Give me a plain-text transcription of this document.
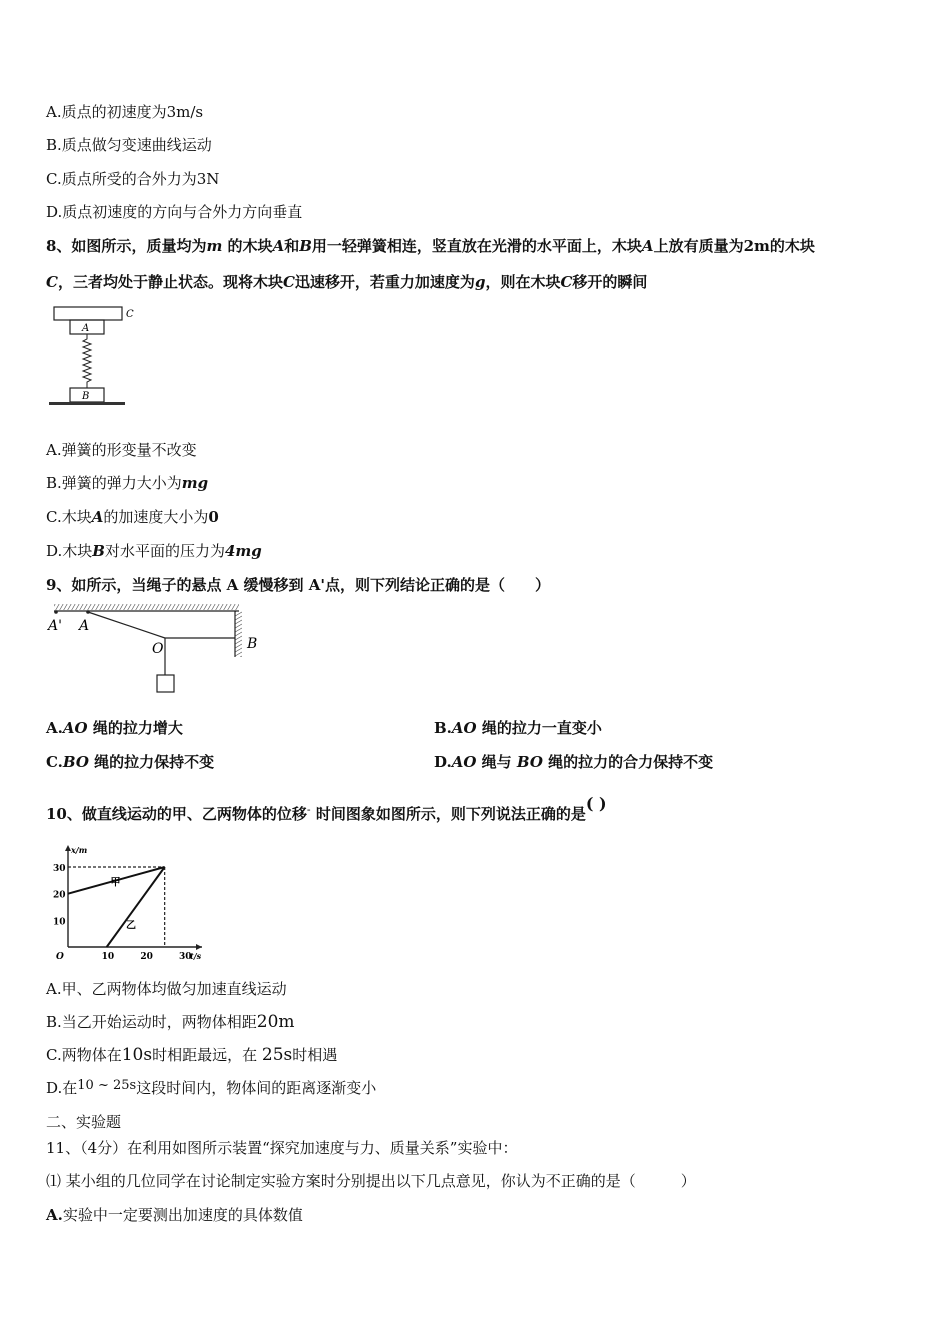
A.质点的初速度为3m/s
B.质点做匀变速曲线运动
C.质点所受的合外力为3N
D.质点初速度的方向与合外力方向垂直
8、如图所示，质量均为m 的木块A和B用一轻弹簧相连，竖直放在光滑的水平面上，木块A上放有质量为2m的木块
C，三者均处于静止状态。现将木块C迅速移开，若重力加速度为g，则在木块C移开的瞬间
C
A
B
A.弹簧的形变量不改变
B.弹簧的弹力大小为mg
C.木块A的加速度大小为0
D.木块B对水平面的压力为4mg
9、如所示，当绳子的悬点 A 缓慢移到 A'点，则下列结论正确的是（　　）
A' A
O	B
A.AO 绳的拉力增大	B.AO 绳的拉力一直变小
C.BO 绳的拉力保持不变	D.AO 绳与 BO 绳的拉力的合力保持不变
10、做直线运动的甲、乙两物体的位移- 时间图象如图所示，则下列说法正确的是( )
x/m
t/s
O
10
20
30
10	20	30
甲
乙
A.甲、乙两物体均做匀加速直线运动
B.当乙开始运动时，两物体相距20m
C.两物体在10s时相距最远，在 25s时相遇
D.在10 ~ 25s这段时间内，物体间的距离逐渐变小
二、实验题
11、（4分）在利用如图所示装置“探究加速度与力、质量关系”实验中：
⑴ 某小组的几位同学在讨论制定实验方案时分别提出以下几点意见，你认为不正确的是（　　　）
A.实验中一定要测出加速度的具体数值
